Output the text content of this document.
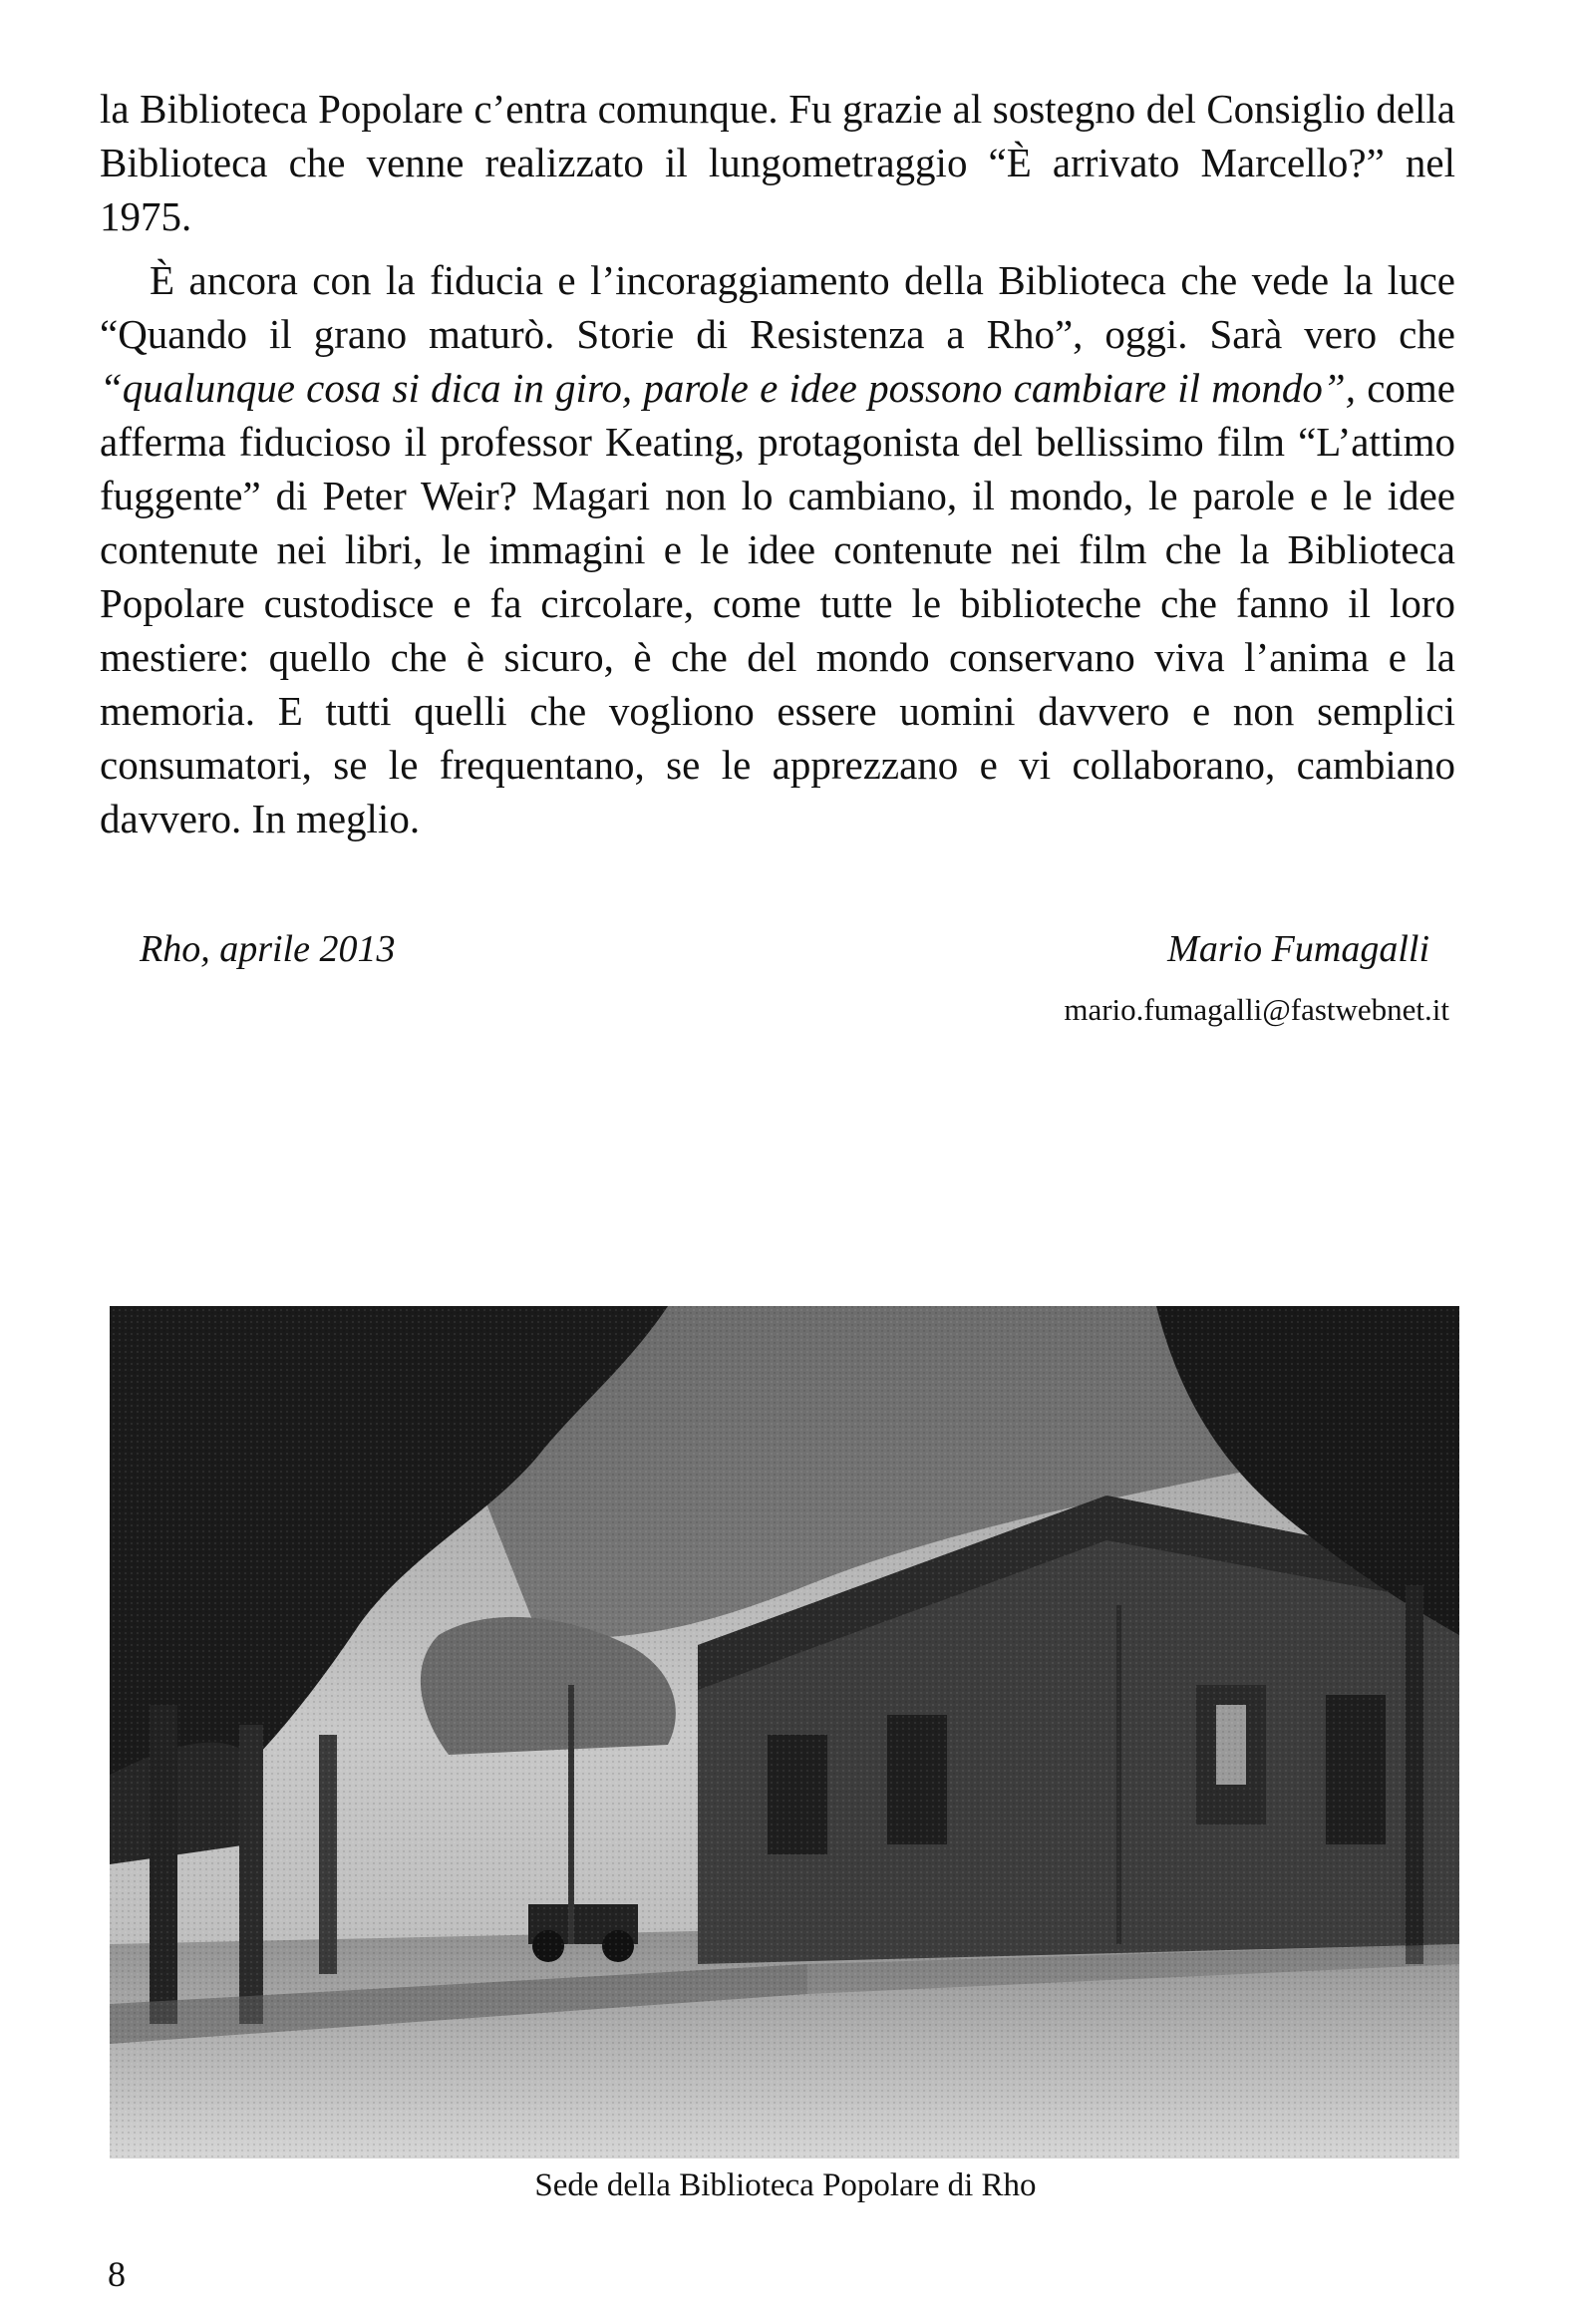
la Biblioteca Popolare c’entra comunque. Fu grazie al sostegno del Consiglio della Biblioteca che venne realizzato il lungometraggio “È arrivato Marcello?” nel 1975.

È ancora con la fiducia e l’incoraggiamento della Biblioteca che vede la luce “Quando il grano maturò. Storie di Resistenza a Rho”, oggi. Sarà vero che “qualunque cosa si dica in giro, parole e idee possono cambiare il mondo”, come afferma fiducioso il professor Keating, protagonista del bellissimo film “L’attimo fuggente” di Peter Weir? Magari non lo cambiano, il mondo, le parole e le idee contenute nei libri, le immagini e le idee contenute nei film che la Biblioteca Popolare custodisce e fa circolare, come tutte le biblioteche che fanno il loro mestiere: quello che è sicuro, è che del mondo conservano viva l’anima e la memoria. E tutti quelli che vogliono essere uomini davvero e non semplici consumatori, se le frequentano, se le apprezzano e vi collaborano, cambiano davvero. In meglio.

Rho, aprile 2013	Mario Fumagalli
mario.fumagalli@fastwebnet.it
Sede della Biblioteca Popolare di Rho
8
